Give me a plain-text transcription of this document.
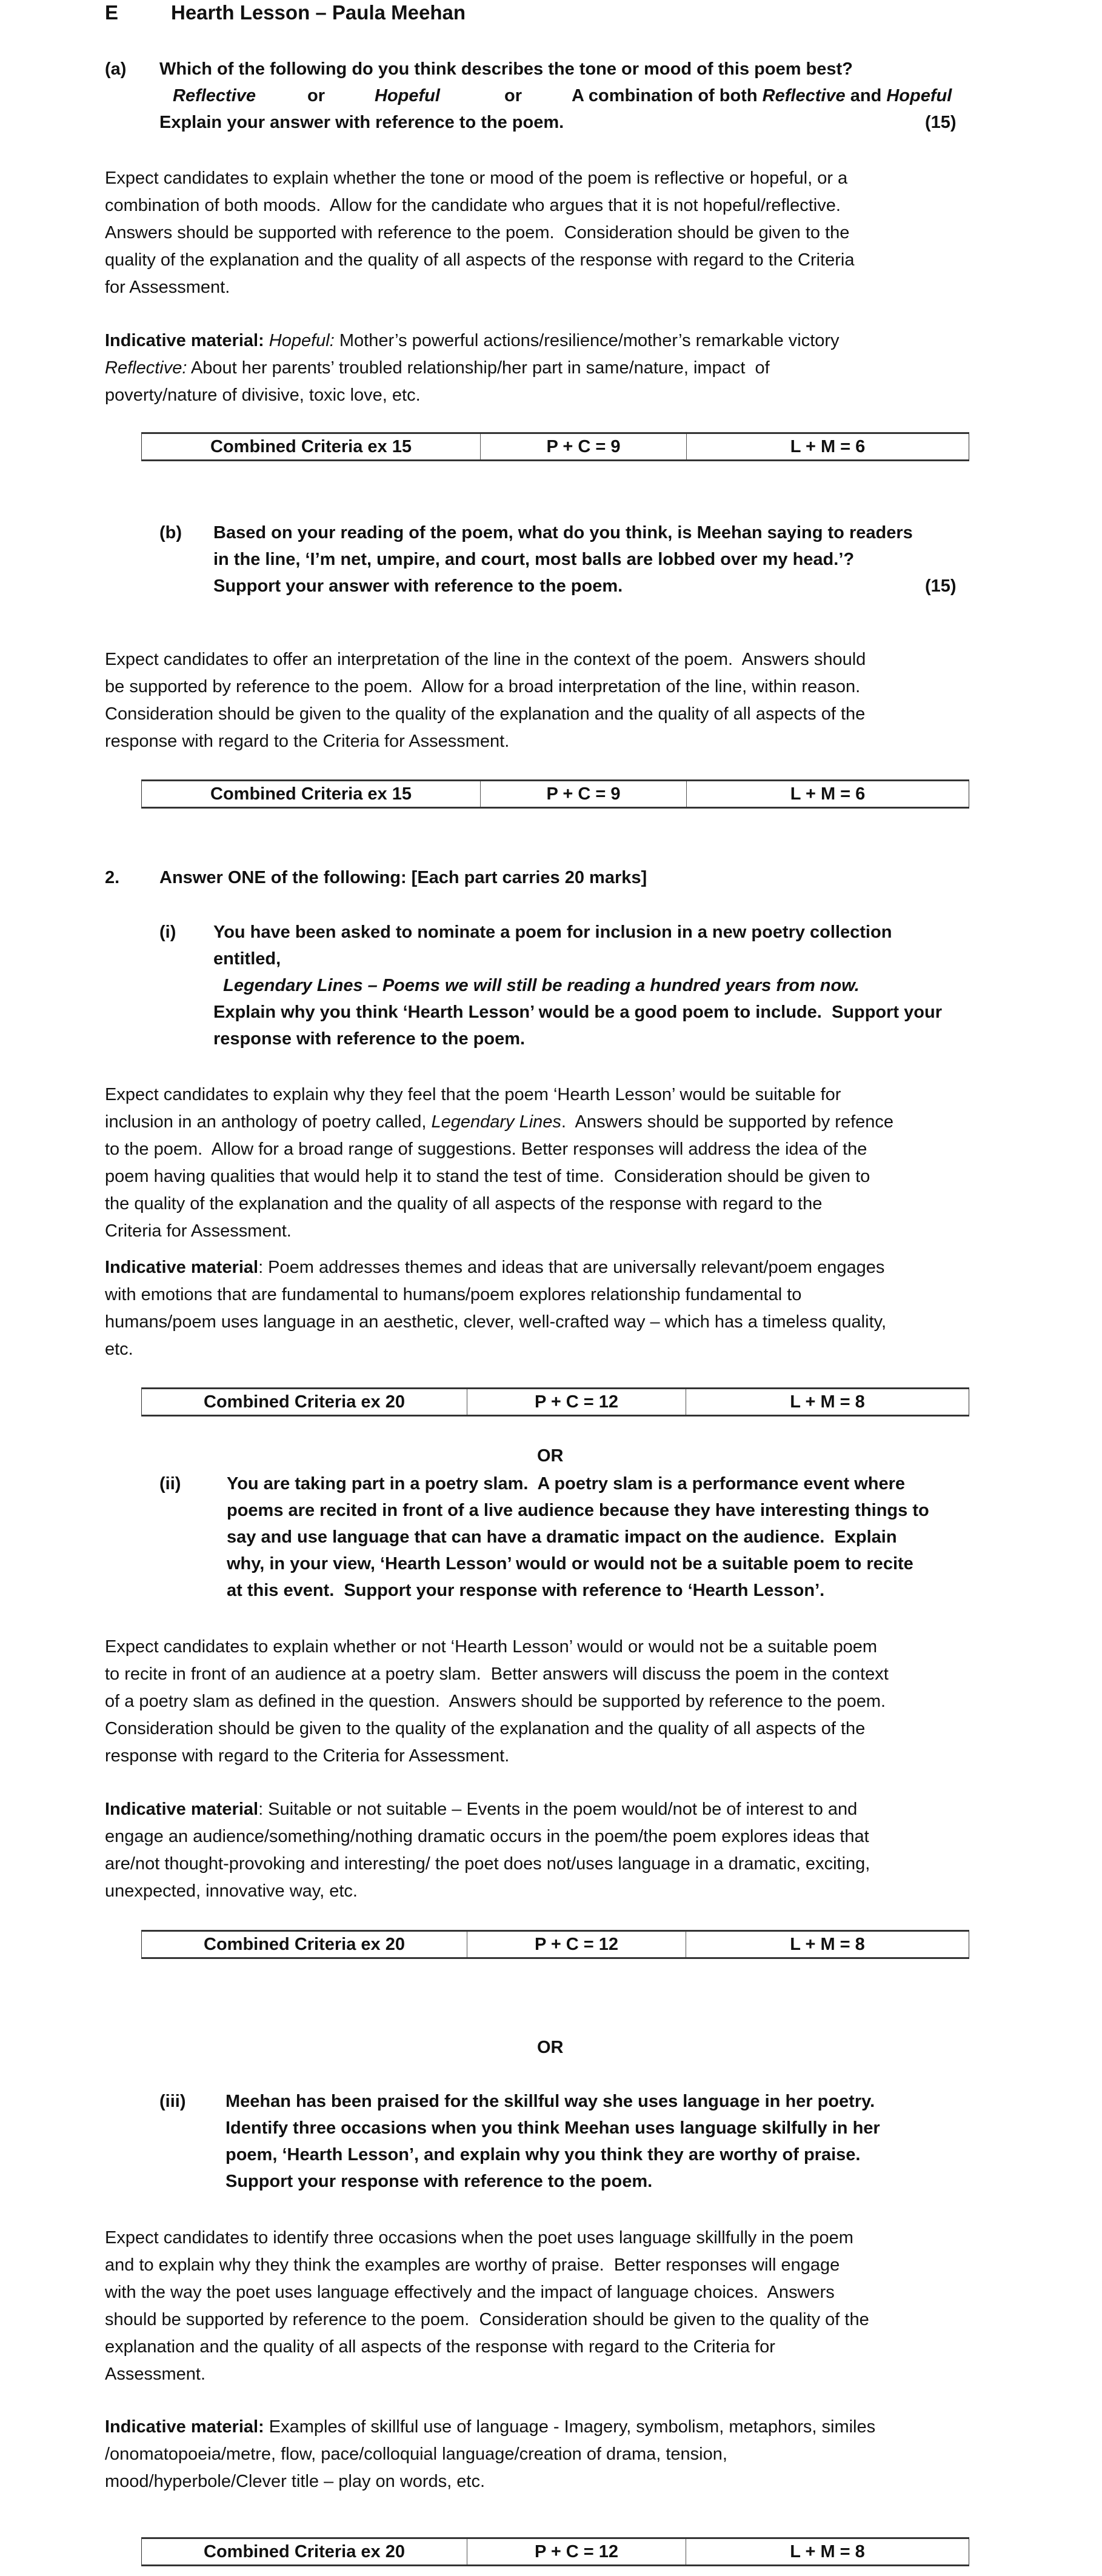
E	Hearth Lesson – Paula Meehan
(a) Which of the following do you think describes the tone or mood of this poem best?
Reflective	or	Hopeful	or	A combination of both Reflective and Hopeful
Explain your answer with reference to the poem.	(15)
Expect candidates to explain whether the tone or mood of the poem is reflective or hopeful, or a
combination of both moods.  Allow for the candidate who argues that it is not hopeful/reflective.
Answers should be supported with reference to the poem.  Consideration should be given to the
quality of the explanation and the quality of all aspects of the response with regard to the Criteria
for Assessment.
Indicative material: Hopeful: Mother’s powerful actions/resilience/mother’s remarkable victory
Reflective: About her parents’ troubled relationship/her part in same/nature, impact  of
poverty/nature of divisive, toxic love, etc.
Combined Criteria ex 15	P + C = 9	L + M = 6
(b) Based on your reading of the poem, what do you think, is Meehan saying to readers
in the line, ‘I’m net, umpire, and court, most balls are lobbed over my head.’?
Support your answer with reference to the poem.	(15)
Expect candidates to offer an interpretation of the line in the context of the poem.  Answers should
be supported by reference to the poem.  Allow for a broad interpretation of the line, within reason.
Consideration should be given to the quality of the explanation and the quality of all aspects of the
response with regard to the Criteria for Assessment.
Combined Criteria ex 15	P + C = 9	L + M = 6
2. Answer ONE of the following: [Each part carries 20 marks]
(i) You have been asked to nominate a poem for inclusion in a new poetry collection
entitled,
Legendary Lines – Poems we will still be reading a hundred years from now.
Explain why you think ‘Hearth Lesson’ would be a good poem to include.  Support your
response with reference to the poem.
Expect candidates to explain why they feel that the poem ‘Hearth Lesson’ would be suitable for
inclusion in an anthology of poetry called, Legendary Lines.  Answers should be supported by refence
to the poem.  Allow for a broad range of suggestions. Better responses will address the idea of the
poem having qualities that would help it to stand the test of time.  Consideration should be given to
the quality of the explanation and the quality of all aspects of the response with regard to the
Criteria for Assessment.
Indicative material: Poem addresses themes and ideas that are universally relevant/poem engages
with emotions that are fundamental to humans/poem explores relationship fundamental to
humans/poem uses language in an aesthetic, clever, well-crafted way – which has a timeless quality,
etc.
Combined Criteria ex 20	P + C = 12	L + M = 8
OR
(ii)	You are taking part in a poetry slam.  A poetry slam is a performance event where
poems are recited in front of a live audience because they have interesting things to
say and use language that can have a dramatic impact on the audience.  Explain
why, in your view, ‘Hearth Lesson’ would or would not be a suitable poem to recite
at this event.  Support your response with reference to ‘Hearth Lesson’.
Expect candidates to explain whether or not ‘Hearth Lesson’ would or would not be a suitable poem
to recite in front of an audience at a poetry slam.  Better answers will discuss the poem in the context
of a poetry slam as defined in the question.  Answers should be supported by reference to the poem.
Consideration should be given to the quality of the explanation and the quality of all aspects of the
response with regard to the Criteria for Assessment.
Indicative material: Suitable or not suitable – Events in the poem would/not be of interest to and
engage an audience/something/nothing dramatic occurs in the poem/the poem explores ideas that
are/not thought-provoking and interesting/ the poet does not/uses language in a dramatic, exciting,
unexpected, innovative way, etc.
Combined Criteria ex 20	P + C = 12	L + M = 8
OR
(iii) Meehan has been praised for the skillful way she uses language in her poetry.
Identify three occasions when you think Meehan uses language skilfully in her
poem, ‘Hearth Lesson’, and explain why you think they are worthy of praise.
Support your response with reference to the poem.
Expect candidates to identify three occasions when the poet uses language skillfully in the poem
and to explain why they think the examples are worthy of praise.  Better responses will engage
with the way the poet uses language effectively and the impact of language choices.  Answers
should be supported by reference to the poem.  Consideration should be given to the quality of the
explanation and the quality of all aspects of the response with regard to the Criteria for
Assessment.
Indicative material: Examples of skillful use of language - Imagery, symbolism, metaphors, similes
/onomatopoeia/metre, flow, pace/colloquial language/creation of drama, tension,
mood/hyperbole/Clever title – play on words, etc.
Combined Criteria ex 20	P + C = 12	L + M = 8
